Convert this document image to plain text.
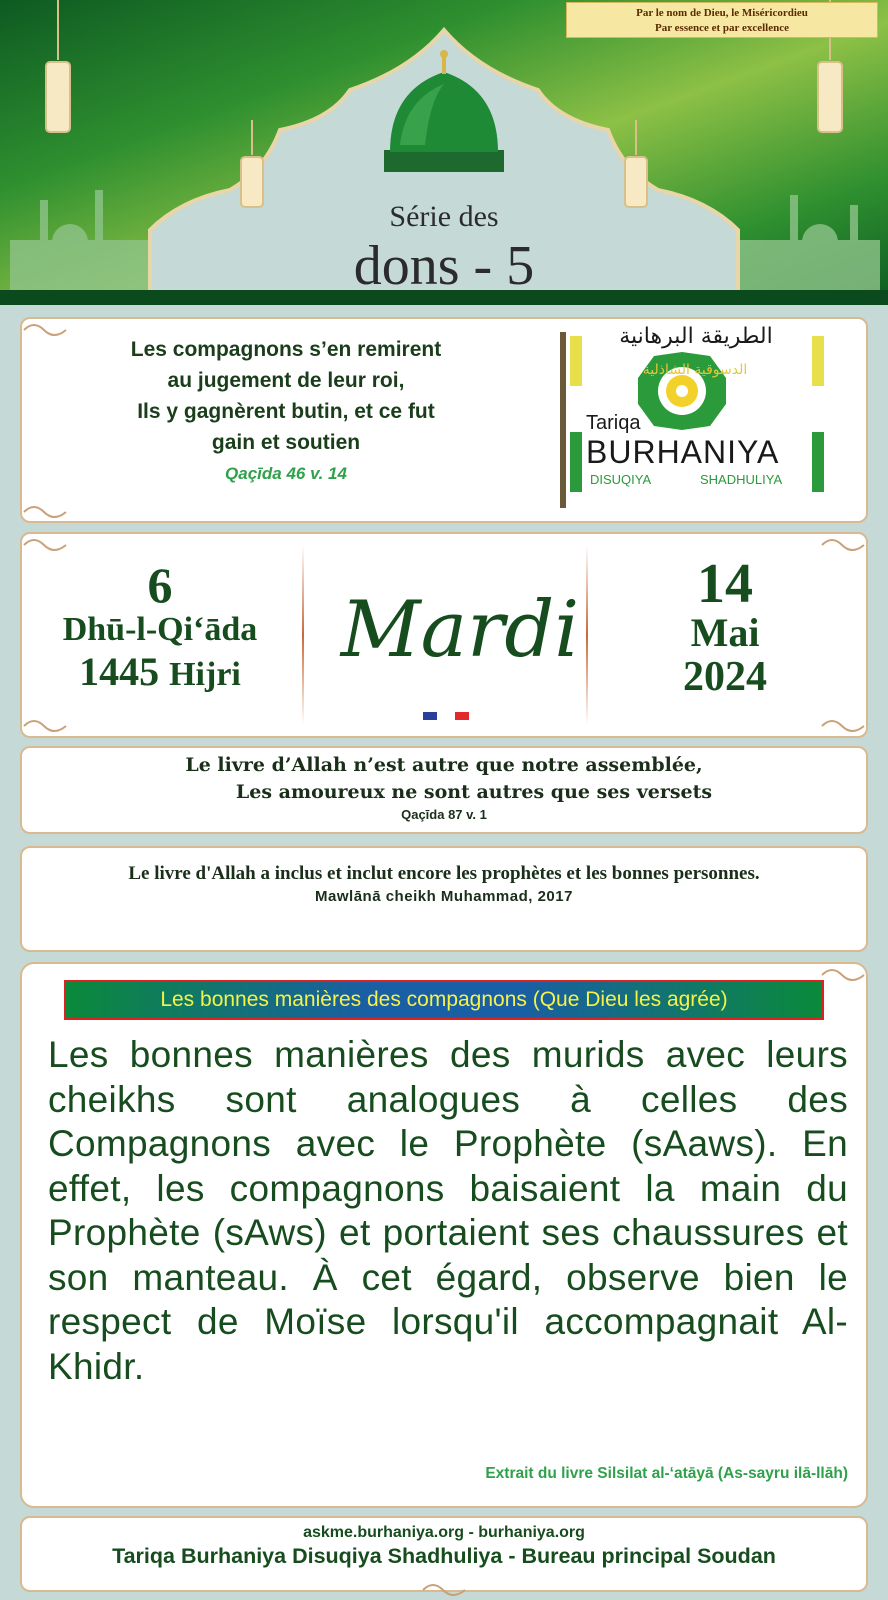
Par le nom de Dieu, le Miséricordieu
Par essence et par excellence
Série des
dons - 5
Les compagnons s’en remirent
au jugement de leur roi,
Ils y gagnèrent butin, et ce fut
gain et soutien
Qaçīda 46 v. 14
الطريقة البرهانية
الدسوقية الشاذلية
Tariqa
BURHANIYA
DISUQIYA	SHADHULIYA
6
Dhū-l-Qi‘āda
1445 Hijri	Mardi
14
Mai
2024
Le livre d’Allah n’est autre que notre assemblée,
Les amoureux ne sont autres que ses versets
Qaçīda 87 v. 1
Le livre d'Allah a inclus et inclut encore les prophètes et les bonnes personnes.
Mawlānā cheikh Muhammad, 2017
Les bonnes manières des compagnons (Que Dieu les agrée)
Les bonnes manières des murids avec leurs cheikhs sont analogues à celles des Compagnons avec le Prophète (sAaws). En effet, les compagnons baisaient la main du Prophète (sAws) et portaient ses chaussures et son manteau. À cet égard, observe bien le respect de Moïse lorsqu'il accompagnait Al-Khidr.
Extrait du livre Silsilat al-‘atāyā (As-sayru ilā-llāh)
askme.burhaniya.org - burhaniya.org
Tariqa Burhaniya Disuqiya Shadhuliya - Bureau principal Soudan
